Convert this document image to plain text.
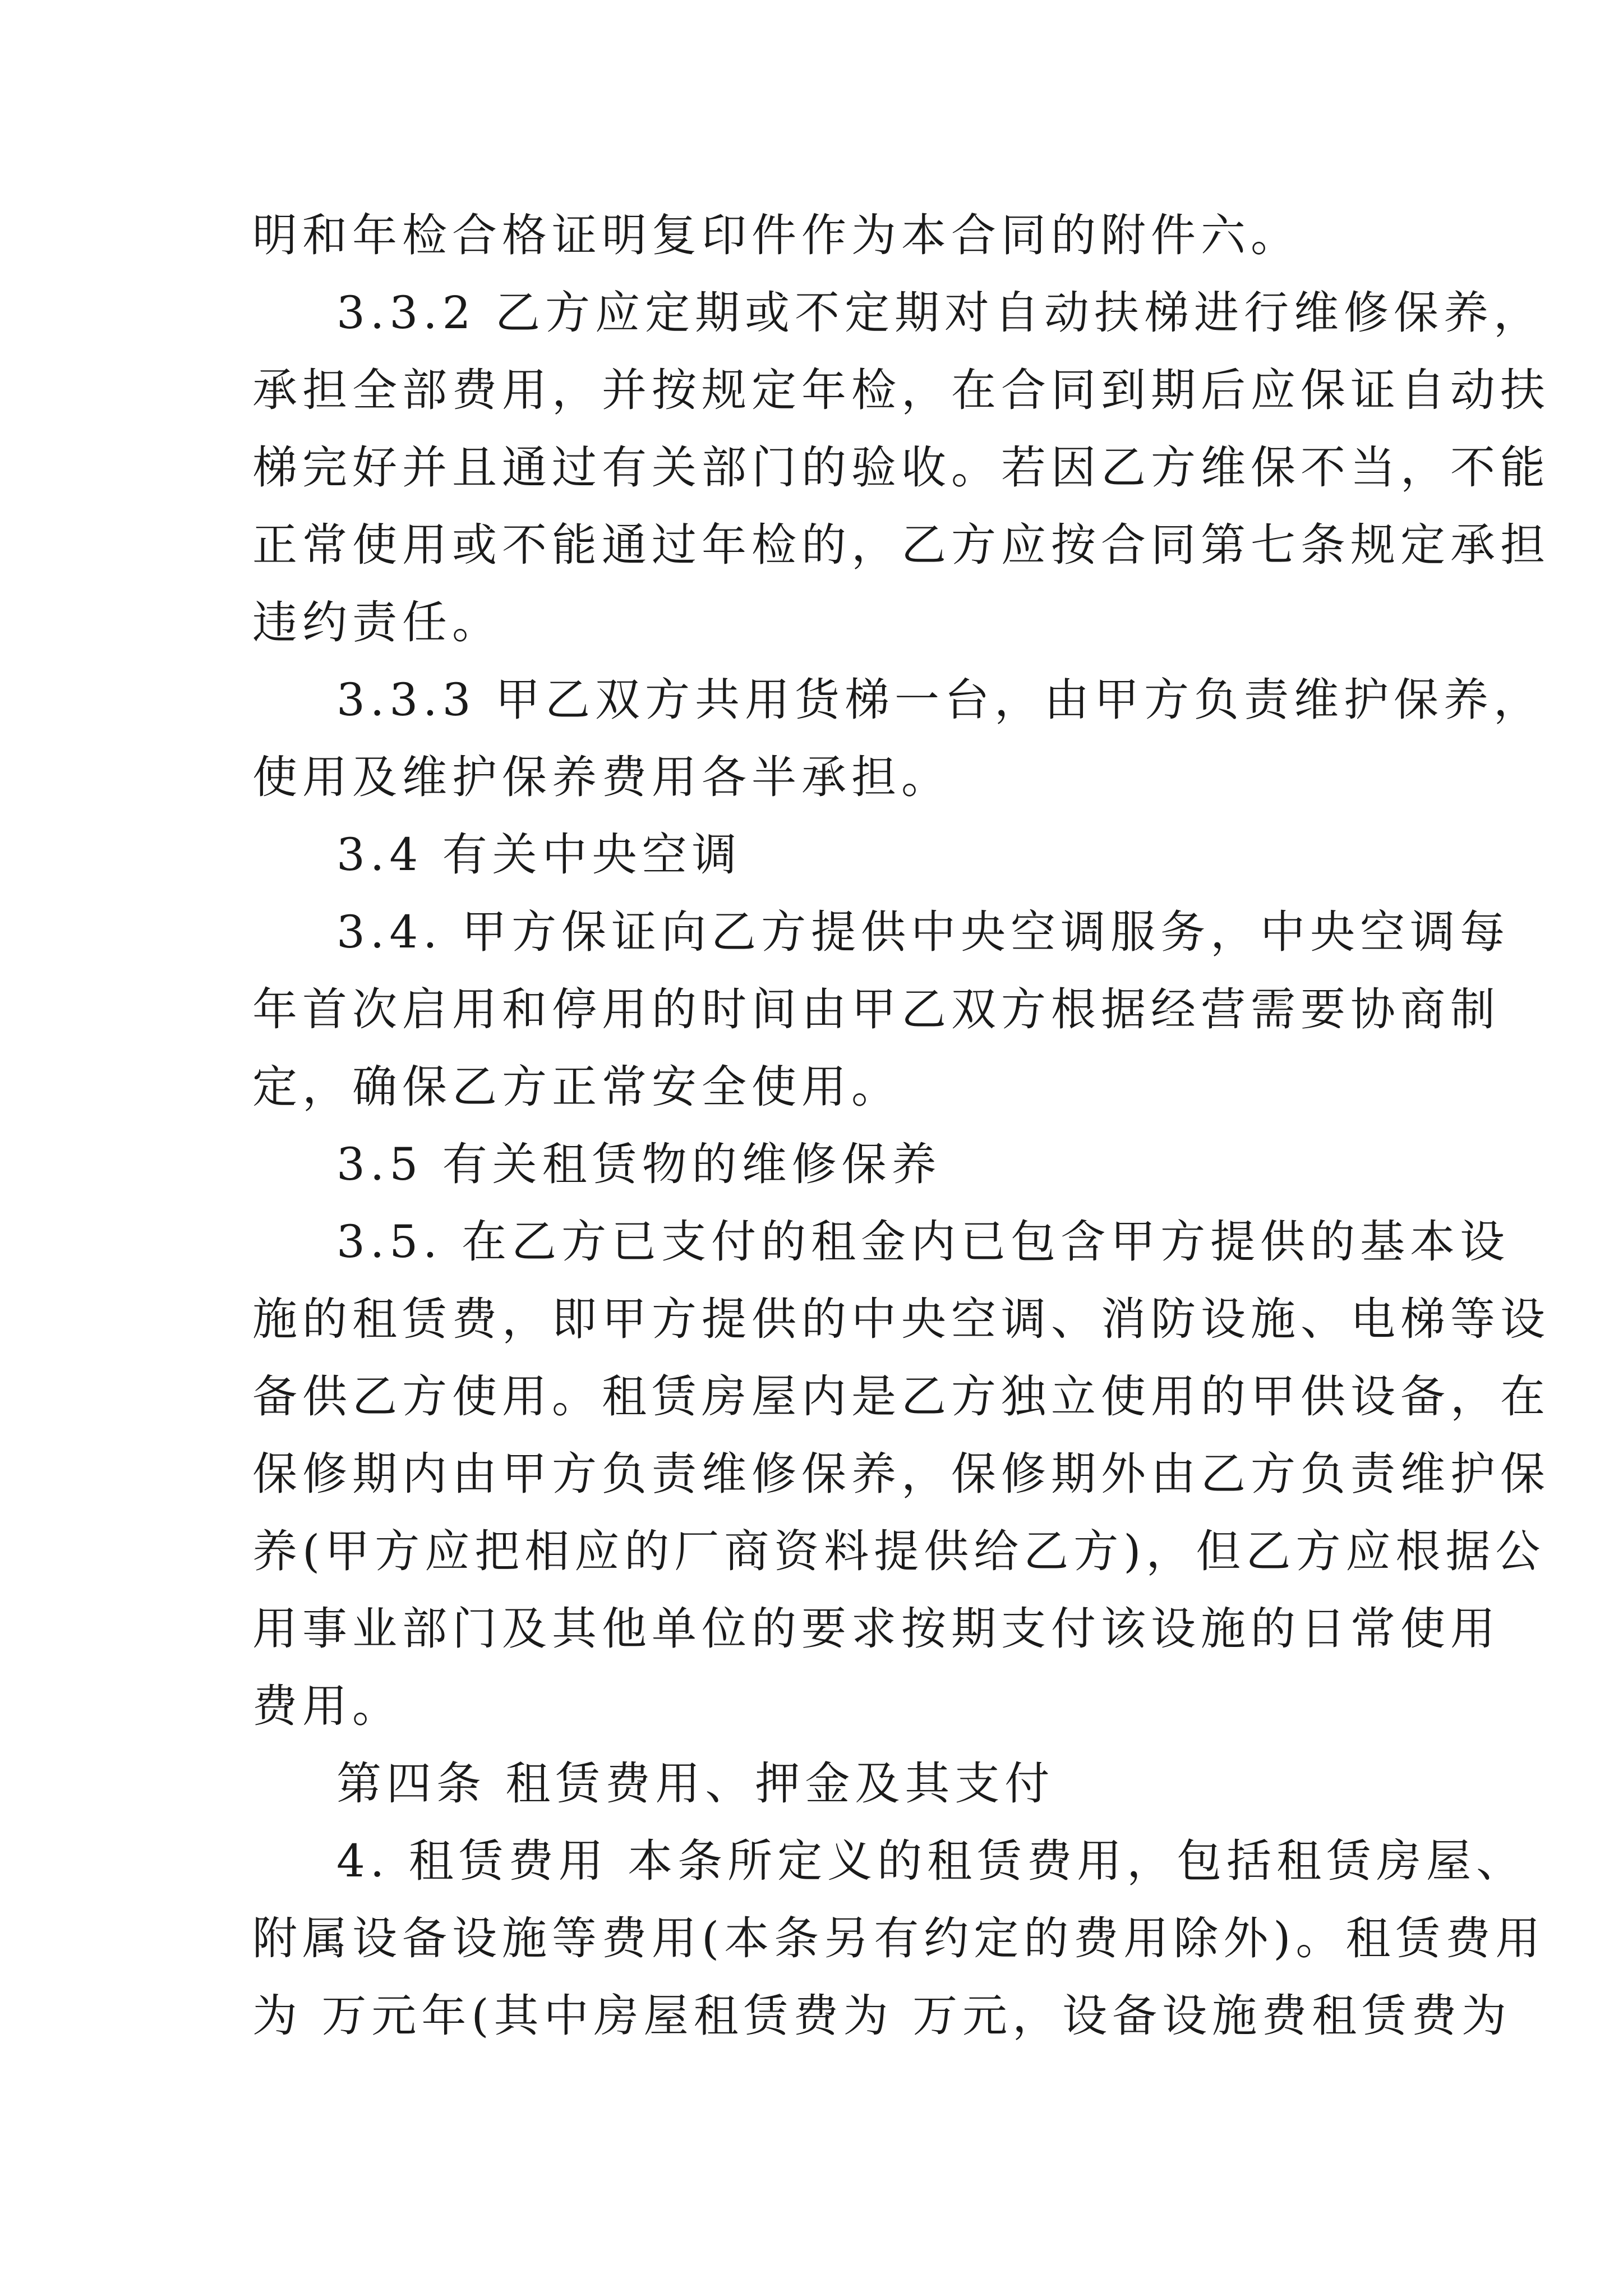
明和年检合格证明复印件作为本合同的附件六。
3.3.2 乙方应定期或不定期对自动扶梯进行维修保养，
承担全部费用，并按规定年检，在合同到期后应保证自动扶
梯完好并且通过有关部门的验收。若因乙方维保不当，不能
正常使用或不能通过年检的，乙方应按合同第七条规定承担
违约责任。
3.3.3 甲乙双方共用货梯一台，由甲方负责维护保养，
使用及维护保养费用各半承担。
3.4 有关中央空调
3.4. 甲方保证向乙方提供中央空调服务，中央空调每
年首次启用和停用的时间由甲乙双方根据经营需要协商制
定，确保乙方正常安全使用。
3.5 有关租赁物的维修保养
3.5. 在乙方已支付的租金内已包含甲方提供的基本设
施的租赁费，即甲方提供的中央空调、消防设施、电梯等设
备供乙方使用。租赁房屋内是乙方独立使用的甲供设备，在
保修期内由甲方负责维修保养，保修期外由乙方负责维护保
养(甲方应把相应的厂商资料提供给乙方)，但乙方应根据公
用事业部门及其他单位的要求按期支付该设施的日常使用
费用。
第四条 租赁费用、押金及其支付
4. 租赁费用 本条所定义的租赁费用，包括租赁房屋、
附属设备设施等费用(本条另有约定的费用除外)。租赁费用
为 万元年(其中房屋租赁费为 万元，设备设施费租赁费为
